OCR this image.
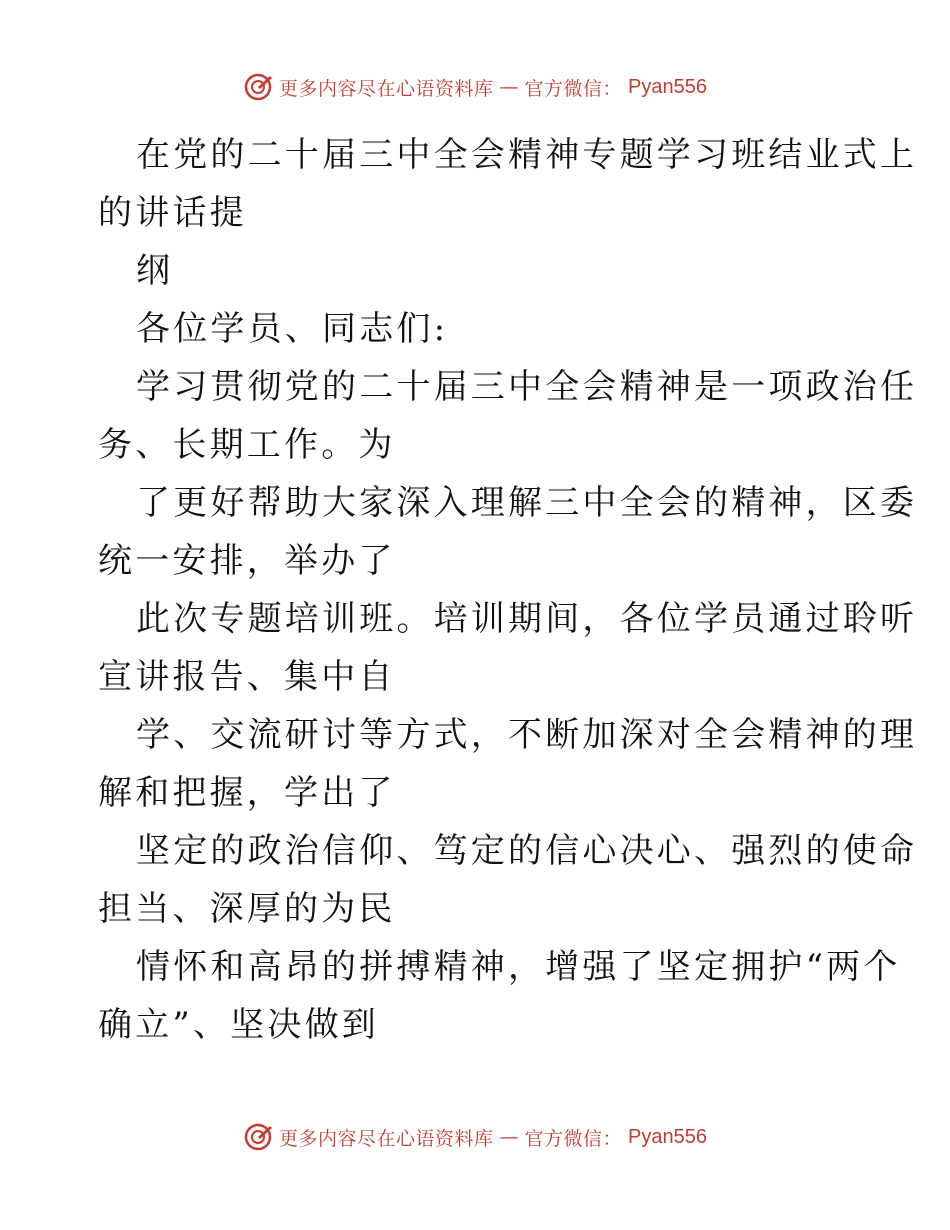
更多内容尽在心语资料库 — 官方微信： Pyan556
在党的二十届三中全会精神专题学习班结业式上
的讲话提
纲
各位学员、同志们:
学习贯彻党的二十届三中全会精神是一项政治任
务、长期工作。为
了更好帮助大家深入理解三中全会的精神，区委
统一安排，举办了
此次专题培训班。培训期间，各位学员通过聆听
宣讲报告、集中自
学、交流研讨等方式，不断加深对全会精神的理
解和把握，学出了
坚定的政治信仰、笃定的信心决心、强烈的使命
担当、深厚的为民
情怀和高昂的拼搏精神，增强了坚定拥护“两个
确立”、坚决做到
更多内容尽在心语资料库 — 官方微信： Pyan556
